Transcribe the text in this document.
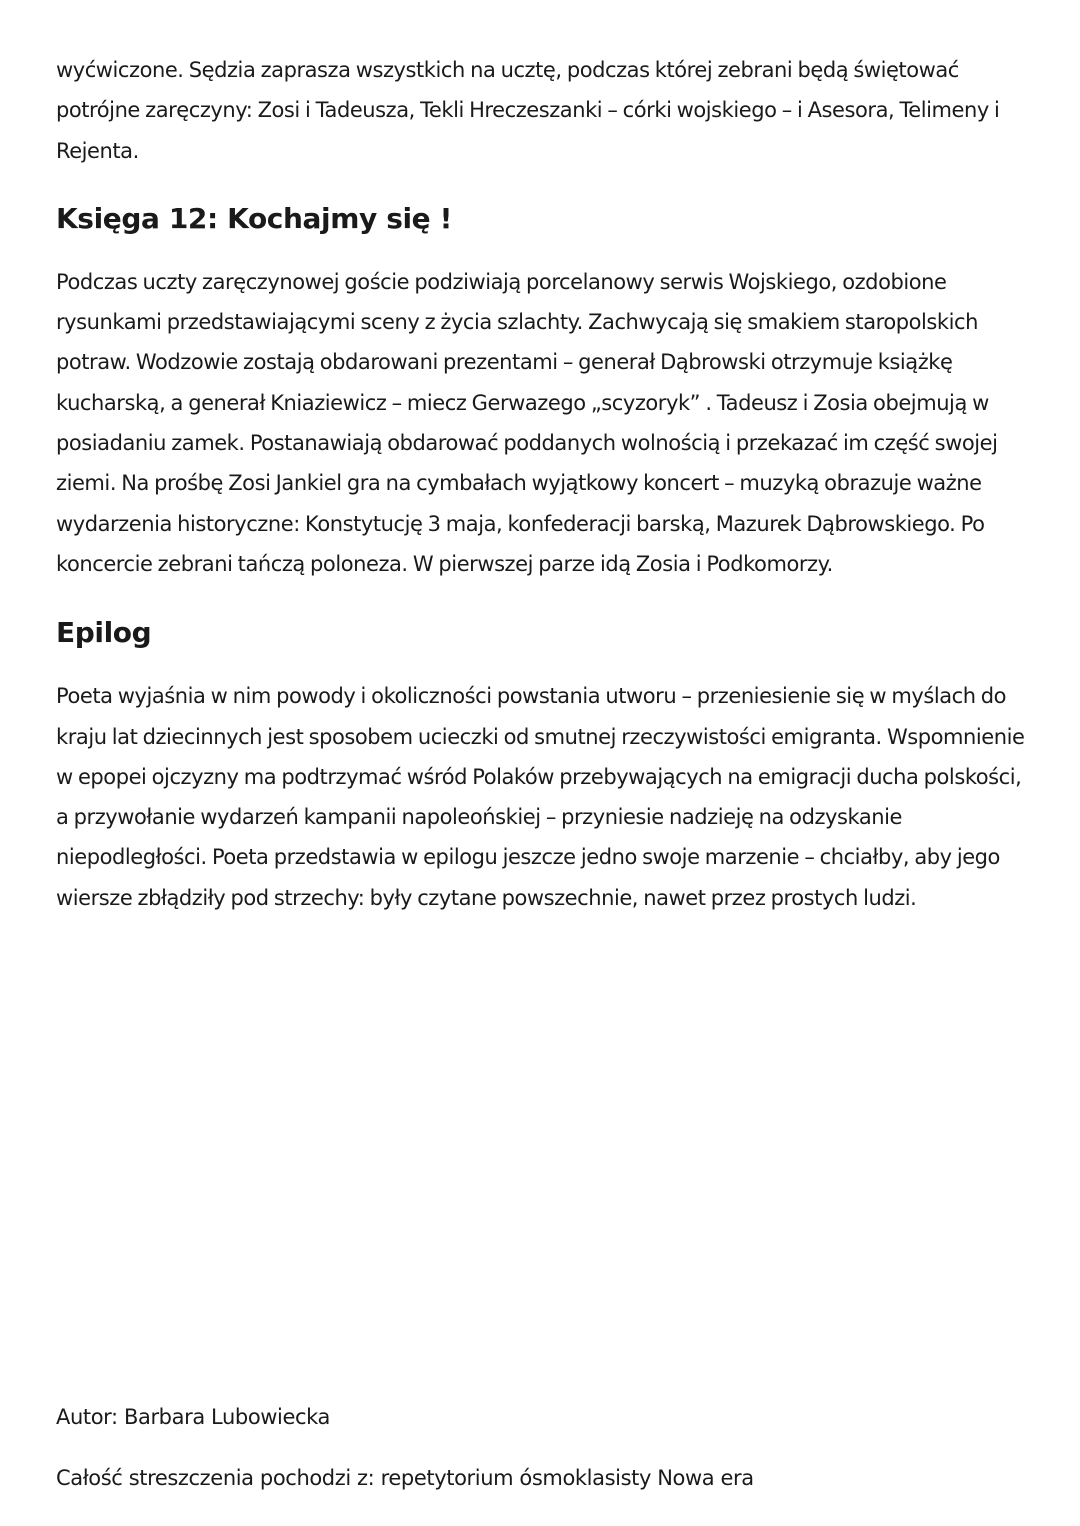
wyćwiczone. Sędzia zaprasza wszystkich na ucztę, podczas której zebrani będą świętować potrójne zaręczyny: Zosi i Tadeusza, Tekli Hreczeszanki – córki wojskiego – i Asesora, Telimeny i Rejenta.

Księga 12: Kochajmy się !

Podczas uczty zaręczynowej goście podziwiają porcelanowy serwis Wojskiego, ozdobione rysunkami przedstawiającymi sceny z życia szlachty. Zachwycają się smakiem staropolskich potraw. Wodzowie zostają obdarowani prezentami – generał Dąbrowski otrzymuje książkę kucharską, a generał Kniaziewicz – miecz Gerwazego „scyzoryk” . Tadeusz i Zosia obejmują w posiadaniu zamek. Postanawiają obdarować poddanych wolnością i przekazać im część swojej ziemi. Na prośbę Zosi Jankiel gra na cymbałach wyjątkowy koncert – muzyką obrazuje ważne wydarzenia historyczne: Konstytucję 3 maja, konfederacji barską, Mazurek Dąbrowskiego. Po koncercie zebrani tańczą poloneza. W pierwszej parze idą Zosia i Podkomorzy.

Epilog

Poeta wyjaśnia w nim powody i okoliczności powstania utworu – przeniesienie się w myślach do kraju lat dziecinnych jest sposobem ucieczki od smutnej rzeczywistości emigranta. Wspomnienie w epopei ojczyzny ma podtrzymać wśród Polaków przebywających na emigracji ducha polskości, a przywołanie wydarzeń kampanii napoleońskiej – przyniesie nadzieję na odzyskanie niepodległości. Poeta przedstawia w epilogu jeszcze jedno swoje marzenie – chciałby, aby jego wiersze zbłądziły pod strzechy: były czytane powszechnie, nawet przez prostych ludzi.

Autor: Barbara Lubowiecka

Całość streszczenia pochodzi z: repetytorium ósmoklasisty Nowa era
